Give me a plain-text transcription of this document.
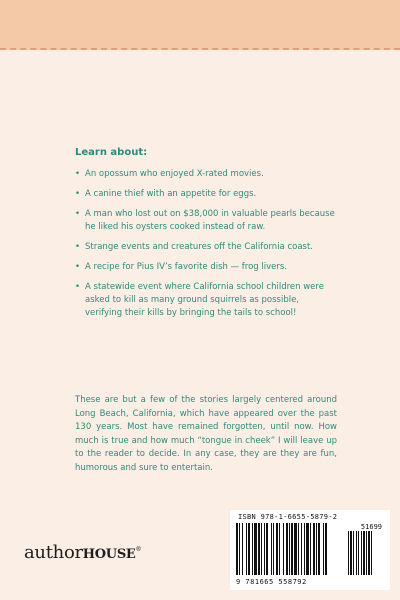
Learn about:
• An opossum who enjoyed X-rated movies.
• A canine thief with an appetite for eggs.
• A man who lost out on $38,000 in valuable pearls because he liked his oysters cooked instead of raw.
• Strange events and creatures off the California coast.
• A recipe for Pius IV’s favorite dish — frog livers.
• A statewide event where California school children were asked to kill as many ground squirrels as possible, verifying their kills by bringing the tails to school!
These are but a few of the stories largely centered around Long Beach, California, which have appeared over the past 130 years. Most have remained forgotten, until now. How much is true and how much “tongue in cheek” I will leave up to the reader to decide. In any case, they are they are fun, humorous and sure to entertain.
authorHOUSE®
ISBN 978-1-6655-5879-2
51699
9 781665 558792
